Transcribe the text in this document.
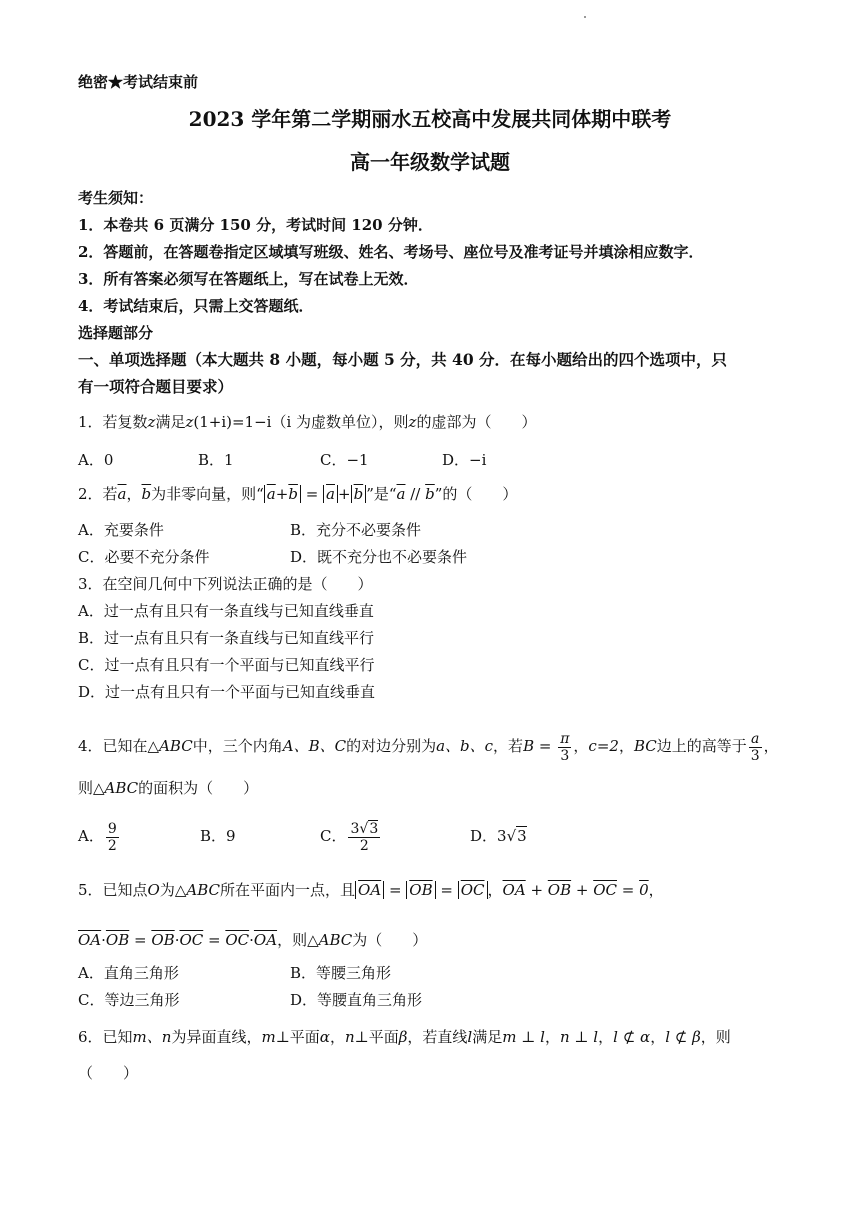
绝密★考试结束前
2023 学年第二学期丽水五校高中发展共同体期中联考
高一年级数学试题
考生须知：
1．本卷共 6 页满分 150 分，考试时间 120 分钟．
2．答题前，在答题卷指定区域填写班级、姓名、考场号、座位号及准考证号并填涂相应数字．
3．所有答案必须写在答题纸上，写在试卷上无效．
4．考试结束后，只需上交答题纸．
选择题部分
一、单项选择题（本大题共 8 小题，每小题 5 分，共 40 分．在每小题给出的四个选项中，只
有一项符合题目要求）
1．若复数z满足z(1+i)=1−i（i 为虚数单位），则z的虚部为（　　）
A．0	B．1	C．−1	D．−i
2．若$\overline{a}$，$\overline{b}$为非零向量，则“ $\overline{a}+\overline{b} = \overline{a} + \overline{b}$ ”是“$\overline{a} // \overline{b}$”的（　　）
A．充要条件	B．充分不必要条件
C．必要不充分条件	D．既不充分也不必要条件
3．在空间几何中下列说法正确的是（　　）
A．过一点有且只有一条直线与已知直线垂直
B．过一点有且只有一条直线与已知直线平行
C．过一点有且只有一个平面与已知直线平行
D．过一点有且只有一个平面与已知直线垂直
4．已知在△ABC中，三个内角A、B、C的对边分别为a、b、c，若$B = \frac{\pi}{3}$ ，c=2，BC边上的高等于 $\frac{a}{3}$ ，
则△ABC的面积为（　　）
A． $\frac{9}{2}$	B．9	C． $\frac{3√3}{2}$	D．3√3
5．已知点O为△ABC所在平面内一点，且 $\overline{OA} = \overline{OB} = \overline{OC}$ ，$\overline{OA} + \overline{OB} + \overline{OC} = 0$，
$\overline{OA}\cdot\overline{OB} = \overline{OB}\cdot\overline{OC} = \overline{OC}\cdot\overline{OA}$，则△ABC为（　　）
A．直角三角形	B．等腰三角形
C．等边三角形	D．等腰直角三角形
6．已知m、n为异面直线，m⊥平面α，n⊥平面β，若直线l满足m ⊥ l，n ⊥ l，l ⊄ α，l ⊄ β，则
（　　）
